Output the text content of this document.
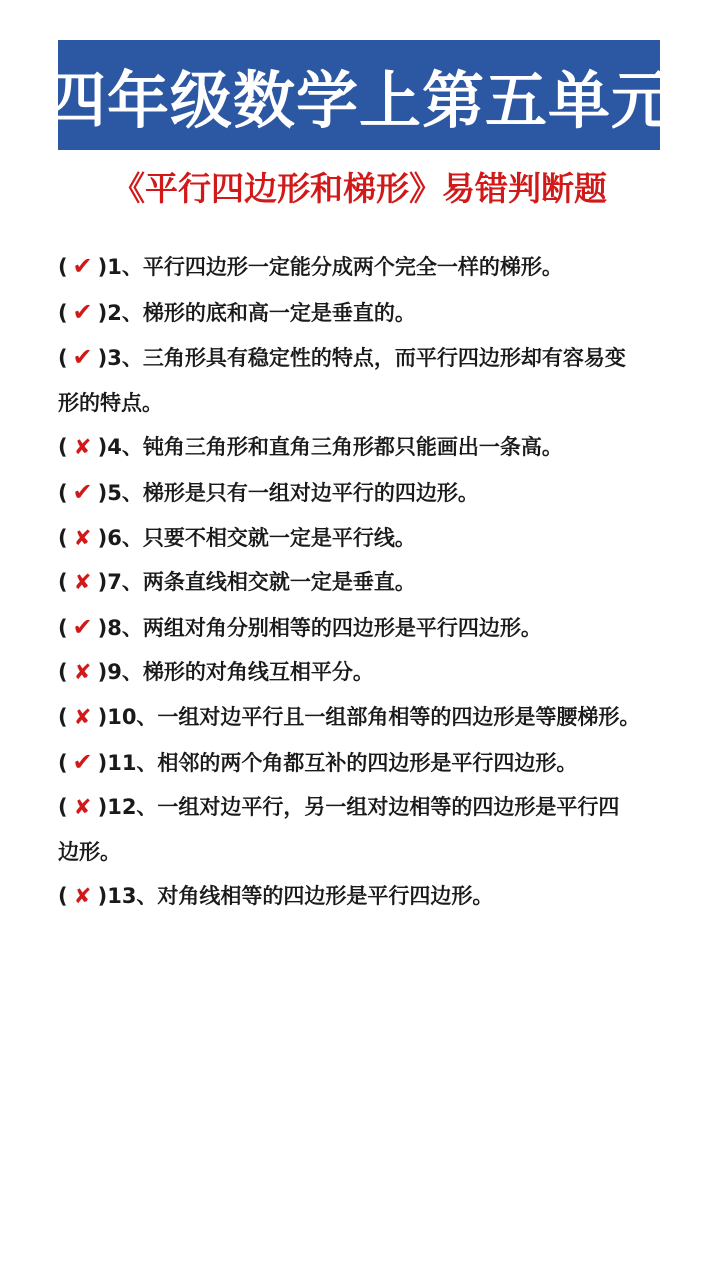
四年级数学上第五单元
《平行四边形和梯形》易错判断题
( ✔ )1、平行四边形一定能分成两个完全一样的梯形。
( ✔ )2、梯形的底和高一定是垂直的。
( ✔ )3、三角形具有稳定性的特点，而平行四边形却有容易变
形的特点。
( ✘ )4、钝角三角形和直角三角形都只能画出一条高。
( ✔ )5、梯形是只有一组对边平行的四边形。
( ✘ )6、只要不相交就一定是平行线。
( ✘ )7、两条直线相交就一定是垂直。
( ✔ )8、两组对角分别相等的四边形是平行四边形。
( ✘ )9、梯形的对角线互相平分。
( ✘ )10、一组对边平行且一组部角相等的四边形是等腰梯形。
( ✔ )11、相邻的两个角都互补的四边形是平行四边形。
( ✘ )12、一组对边平行，另一组对边相等的四边形是平行四
边形。
( ✘ )13、对角线相等的四边形是平行四边形。
